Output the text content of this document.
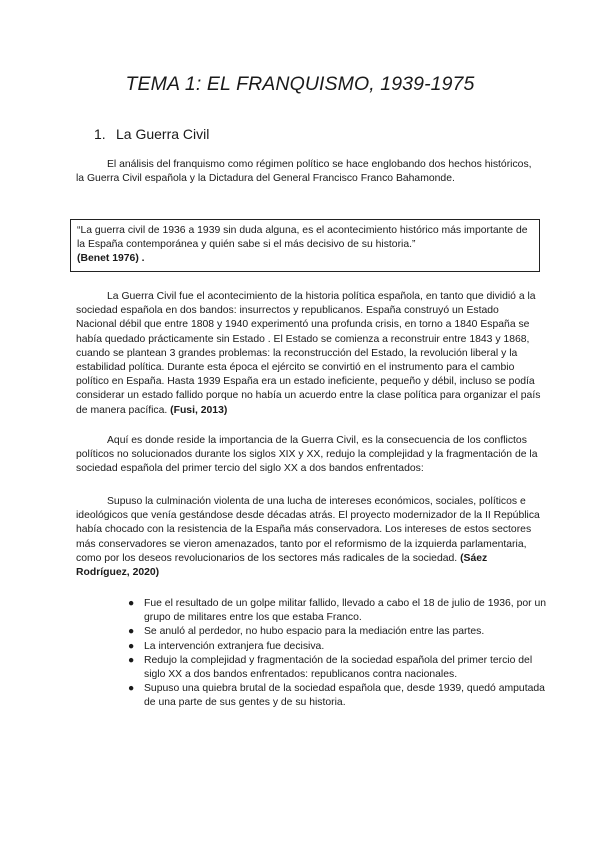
TEMA 1: EL FRANQUISMO, 1939-1975
1. La Guerra Civil

El análisis del franquismo como régimen político se hace englobando dos hechos históricos, la Guerra Civil española y la Dictadura del General Francisco Franco Bahamonde.

“La guerra civil de 1936 a 1939 sin duda alguna, es el acontecimiento histórico más importante de la España contemporánea y quién sabe si el más decisivo de su historia.”
(Benet 1976) .

La Guerra Civil fue el acontecimiento de la historia política española, en tanto que dividió a la sociedad española en dos bandos: insurrectos y republicanos. España construyó un Estado Nacional débil que entre 1808 y 1940 experimentó una profunda crisis, en torno a 1840 España se había quedado prácticamente sin Estado . El Estado se comienza a reconstruir entre 1843 y 1868, cuando se plantean 3 grandes problemas: la reconstrucción del Estado, la revolución liberal y la estabilidad política. Durante esta época el ejército se convirtió en el instrumento para el cambio político en España. Hasta 1939 España era un estado ineficiente, pequeño y débil, incluso se podía considerar un estado fallido porque no había un acuerdo entre la clase política para organizar el país de manera pacífica. (Fusi, 2013)

Aquí es donde reside la importancia de la Guerra Civil, es la consecuencia de los conflictos políticos no solucionados durante los siglos XIX y XX, redujo la complejidad y la fragmentación de la sociedad española del primer tercio del siglo XX a dos bandos enfrentados:

Supuso la culminación violenta de una lucha de intereses económicos, sociales, políticos e ideológicos que venía gestándose desde décadas atrás. El proyecto modernizador de la II República había chocado con la resistencia de la España más conservadora. Los intereses de estos sectores más conservadores se vieron amenazados, tanto por el reformismo de la izquierda parlamentaria, como por los deseos revolucionarios de los sectores más radicales de la sociedad. (Sáez Rodríguez, 2020)

● Fue el resultado de un golpe militar fallido, llevado a cabo el 18 de julio de 1936, por un grupo de militares entre los que estaba Franco.
● Se anuló al perdedor, no hubo espacio para la mediación entre las partes.
● La intervención extranjera fue decisiva.
● Redujo la complejidad y fragmentación de la sociedad española del primer tercio del siglo XX a dos bandos enfrentados: republicanos contra nacionales.
● Supuso una quiebra brutal de la sociedad española que, desde 1939, quedó amputada de una parte de sus gentes y de su historia.
